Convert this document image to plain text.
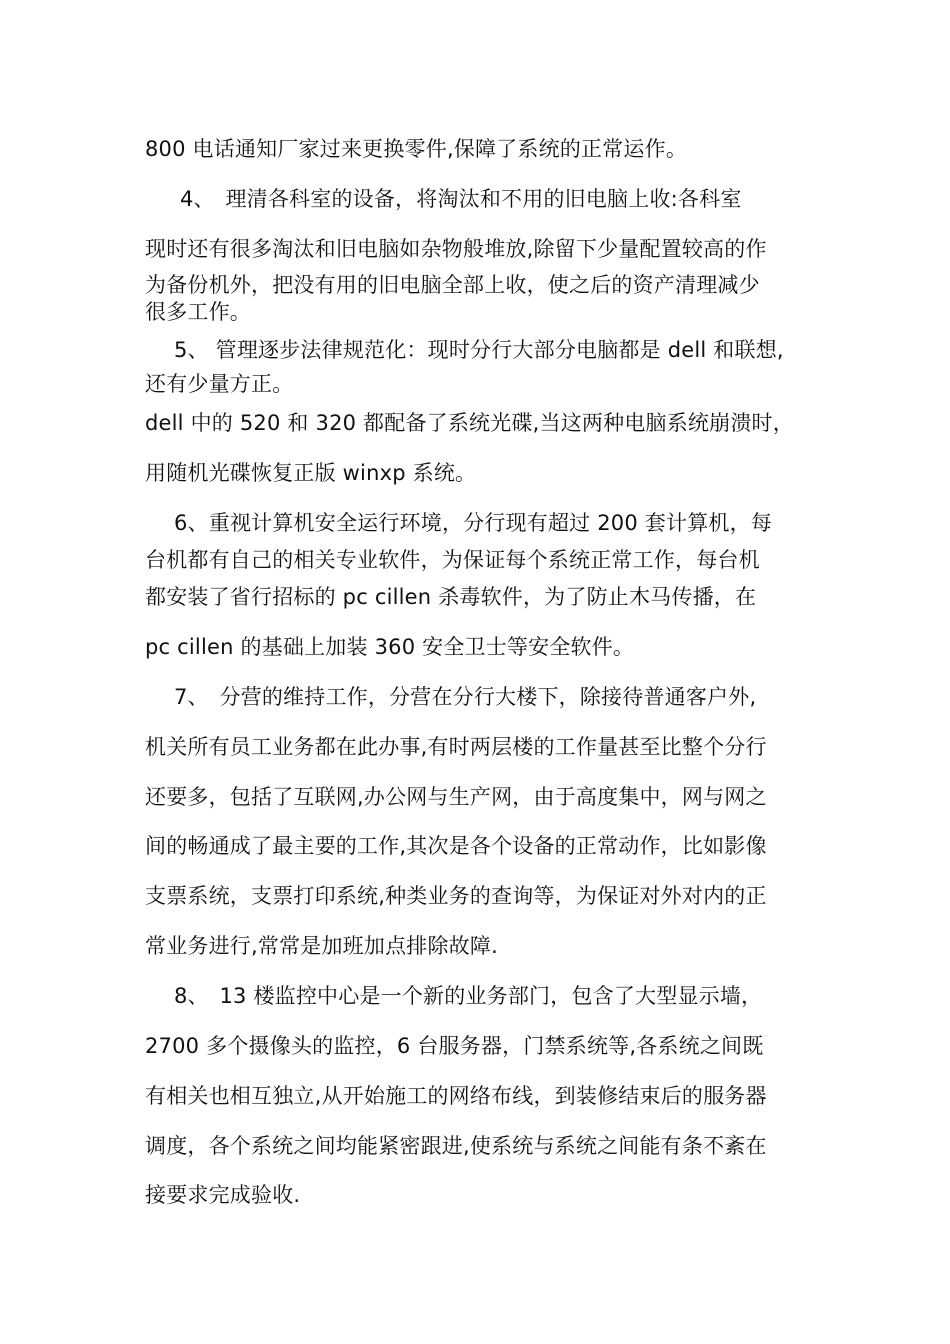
800 电话通知厂家过来更换零件,保障了系统的正常运作。
4、　理清各科室的设备，将淘汰和不用的旧电脑上收:各科室
现时还有很多淘汰和旧电脑如杂物般堆放,除留下少量配置较高的作
为备份机外，把没有用的旧电脑全部上收，使之后的资产清理减少
很多工作。
5、 管理逐步法律规范化：现时分行大部分电脑都是 dell 和联想,
还有少量方正。
dell 中的 520 和 320 都配备了系统光碟,当这两种电脑系统崩溃时，
用随机光碟恢复正版 winxp 系统。
6、重视计算机安全运行环境，分行现有超过 200 套计算机，每
台机都有自己的相关专业软件，为保证每个系统正常工作，每台机
都安装了省行招标的 pc cillen 杀毒软件，为了防止木马传播，在
pc cillen 的基础上加装 360 安全卫士等安全软件。
7、　分营的维持工作，分营在分行大楼下，除接待普通客户外,
机关所有员工业务都在此办事,有时两层楼的工作量甚至比整个分行
还要多，包括了互联网,办公网与生产网，由于高度集中，网与网之
间的畅通成了最主要的工作,其次是各个设备的正常动作，比如影像
支票系统，支票打印系统,种类业务的查询等，为保证对外对内的正
常业务进行,常常是加班加点排除故障.
8、　13 楼监控中心是一个新的业务部门，包含了大型显示墙，
2700 多个摄像头的监控，6 台服务器，门禁系统等,各系统之间既
有相关也相互独立,从开始施工的网络布线，到装修结束后的服务器
调度，各个系统之间均能紧密跟进,使系统与系统之间能有条不紊在
接要求完成验收.
